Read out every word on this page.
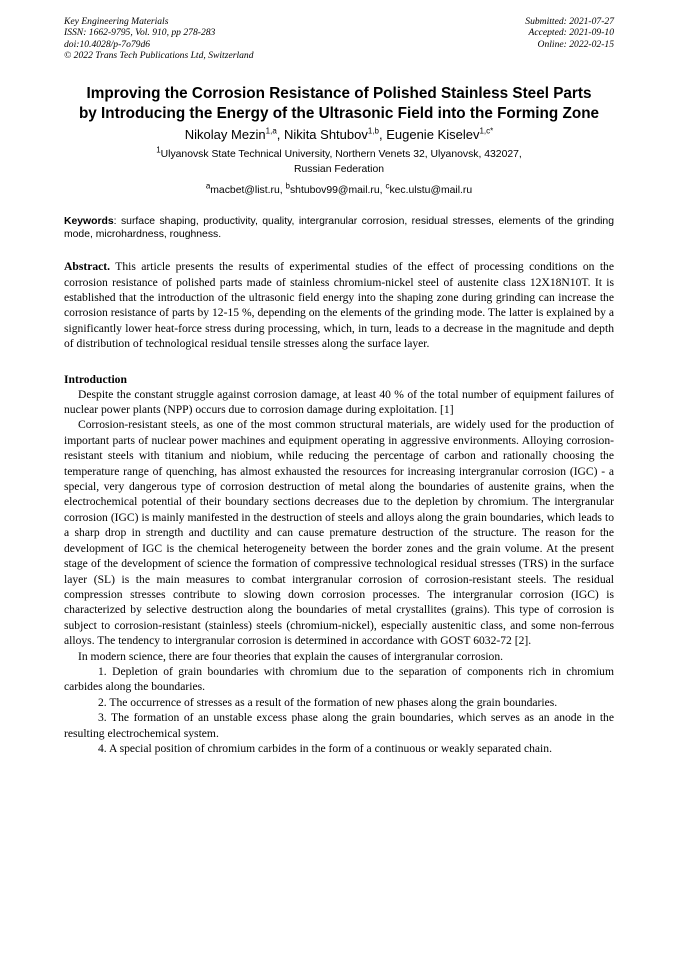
Key Engineering Materials
ISSN: 1662-9795, Vol. 910, pp 278-283
doi:10.4028/p-7o79d6
© 2022 Trans Tech Publications Ltd, Switzerland
Submitted: 2021-07-27
Accepted: 2021-09-10
Online: 2022-02-15
Improving the Corrosion Resistance of Polished Stainless Steel Parts
by Introducing the Energy of the Ultrasonic Field into the Forming Zone
Nikolay Mezin$^{1,a}$, Nikita Shtubov$^{1,b}$, Eugenie Kiselev$^{1,c*}$
$^1$Ulyanovsk State Technical University, Northern Venets 32, Ulyanovsk, 432027,
Russian Federation
$^a$macbet@list.ru, $^b$shtubov99@mail.ru, $^c$kec.ulstu@mail.ru
Keywords: surface shaping, productivity, quality, intergranular corrosion, residual stresses, elements of the grinding mode, microhardness, roughness.
Abstract. This article presents the results of experimental studies of the effect of processing conditions on the corrosion resistance of polished parts made of stainless chromium-nickel steel of austenite class 12X18N10T. It is established that the introduction of the ultrasonic field energy into the shaping zone during grinding can increase the corrosion resistance of parts by 12-15 %, depending on the elements of the grinding mode. The latter is explained by a significantly lower heat-force stress during processing, which, in turn, leads to a decrease in the magnitude and depth of distribution of technological residual tensile stresses along the surface layer.
Introduction

Despite the constant struggle against corrosion damage, at least 40 % of the total number of equipment failures of nuclear power plants (NPP) occurs due to corrosion damage during exploitation. [1]

Corrosion-resistant steels, as one of the most common structural materials, are widely used for the production of important parts of nuclear power machines and equipment operating in aggressive environments. Alloying corrosion-resistant steels with titanium and niobium, while reducing the percentage of carbon and rationally choosing the temperature range of quenching, has almost exhausted the resources for increasing intergranular corrosion (IGC) - a special, very dangerous type of corrosion destruction of metal along the boundaries of austenite grains, when the electrochemical potential of their boundary sections decreases due to the depletion by chromium. The intergranular corrosion (IGC) is mainly manifested in the destruction of steels and alloys along the grain boundaries, which leads to a sharp drop in strength and ductility and can cause premature destruction of the structure. The reason for the development of IGC is the chemical heterogeneity between the border zones and the grain volume. At the present stage of the development of science the formation of compressive technological residual stresses (TRS) in the surface layer (SL) is the main measures to combat intergranular corrosion of corrosion-resistant steels. The residual compression stresses contribute to slowing down corrosion processes. The intergranular corrosion (IGC) is characterized by selective destruction along the boundaries of metal crystallites (grains). This type of corrosion is subject to corrosion-resistant (stainless) steels (chromium-nickel), especially austenitic class, and some non-ferrous alloys. The tendency to intergranular corrosion is determined in accordance with GOST 6032-72 [2].

In modern science, there are four theories that explain the causes of intergranular corrosion.

1. Depletion of grain boundaries with chromium due to the separation of components rich in chromium carbides along the boundaries.

2. The occurrence of stresses as a result of the formation of new phases along the grain boundaries.

3. The formation of an unstable excess phase along the grain boundaries, which serves as an anode in the resulting electrochemical system.

4. A special position of chromium carbides in the form of a continuous or weakly separated chain.
